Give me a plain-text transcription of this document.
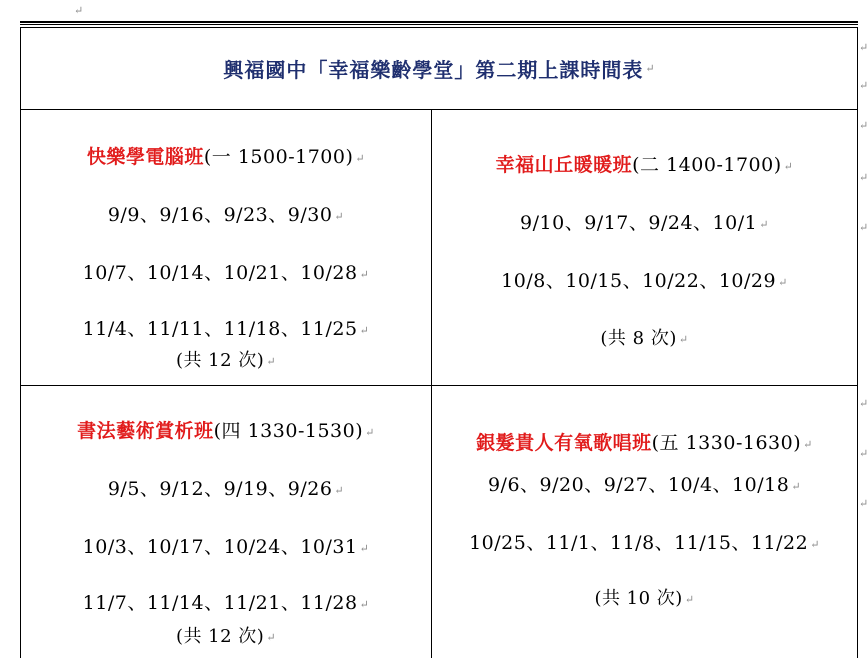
↵
興福國中「幸福樂齡學堂」第二期上課時間表 ↵
快樂學電腦班(一 1500-1700) ↵
9/9、9/16、9/23、9/30 ↵
10/7、10/14、10/21、10/28 ↵
11/4、11/11、11/18、11/25 ↵
(共 12 次) ↵
幸福山丘暖暖班(二 1400-1700) ↵
9/10、9/17、9/24、10/1 ↵
10/8、10/15、10/22、10/29 ↵
(共 8 次) ↵
書法藝術賞析班(四 1330-1530) ↵
9/5、9/12、9/19、9/26 ↵
10/3、10/17、10/24、10/31 ↵
11/7、11/14、11/21、11/28 ↵
(共 12 次) ↵
銀髮貴人有氧歌唱班(五 1330-1630) ↵
9/6、9/20、9/27、10/4、10/18 ↵
10/25、11/1、11/8、11/15、11/22 ↵
(共 10 次) ↵
↵
↵
↵
↵
↵
↵
↵
↵
